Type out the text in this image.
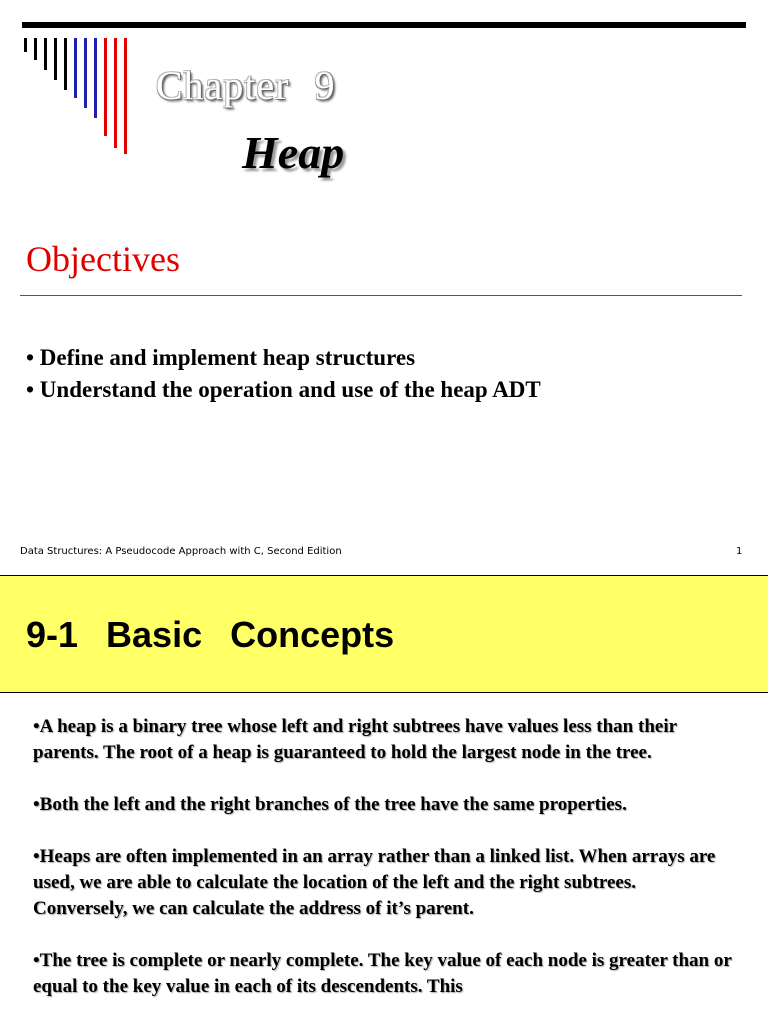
Chapter 9
Heap
Objectives
• Define and implement heap structures
• Understand the operation and use of the heap ADT
Data Structures: A Pseudocode Approach with C, Second Edition	1
9-1 Basic Concepts

•A heap is a binary tree whose left and right subtrees have values less than their parents. The root of a heap is guaranteed to hold the largest node in the tree.

•Both the left and the right branches of the tree have the same properties.

•Heaps are often implemented in an array rather than a linked list. When arrays are used, we are able to calculate the location of the left and the right subtrees. Conversely, we can calculate the address of it’s parent.

•The tree is complete or nearly complete. The key value of each node is greater than or equal to the key value in each of its descendents. This
